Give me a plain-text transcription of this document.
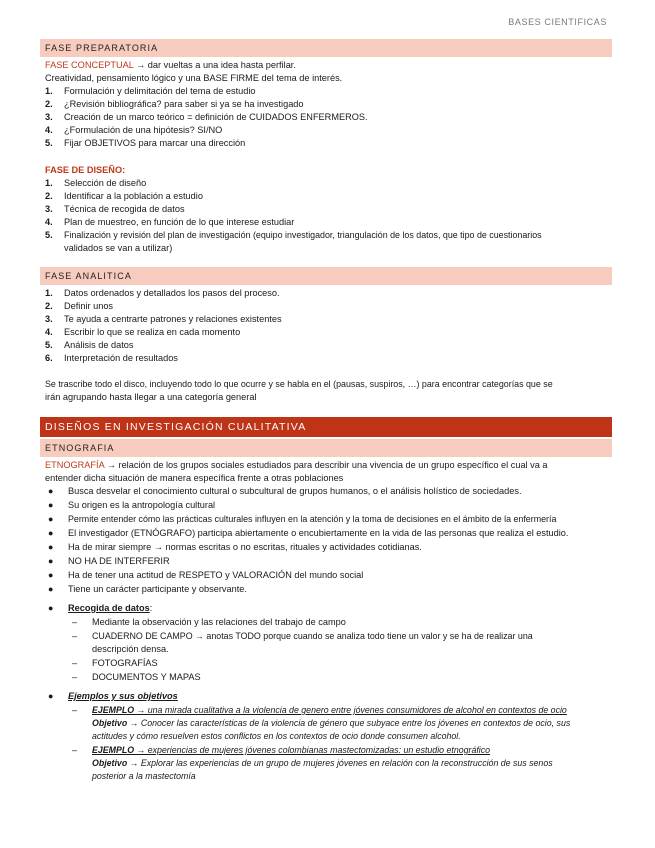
BASES CIENTIFICAS
FASE PREPARATORIA
FASE CONCEPTUAL → dar vueltas a una idea hasta perfilar.
Creatividad, pensamiento lógico y una BASE FIRME del tema de interés.
1. Formulación y delimitación del tema de estudio
2. ¿Revisión bibliográfica? para saber si ya se ha investigado
3. Creación de un marco teórico = definición de CUIDADOS ENFERMEROS.
4. ¿Formulación de una hipótesis? SI/NO
5. Fijar OBJETIVOS para marcar una dirección
FASE DE DISEÑO:
1. Selección de diseño
2. Identificar a la población a estudio
3. Técnica de recogida de datos
4. Plan de muestreo, en función de lo que interese estudiar
5. Finalización y revisión del plan de investigación (equipo investigador, triangulación de los datos, que tipo de cuestionarios
validados se van a utilizar)
FASE ANALITICA
1. Datos ordenados y detallados los pasos del proceso.
2. Definir unos
3. Te ayuda a centrarte patrones y relaciones existentes
4. Escribir lo que se realiza en cada momento
5. Análisis de datos
6. Interpretación de resultados
Se trascribe todo el disco, incluyendo todo lo que ocurre y se habla en el (pausas, suspiros, …) para encontrar categorías que se
irán agrupando hasta llegar a una categoría general
DISEÑOS EN INVESTIGACIÓN CUALITATIVA
ETNOGRAFIA
ETNOGRAFÍA → relación de los grupos sociales estudiados para describir una vivencia de un grupo específico el cual va a
entender dicha situación de manera específica frente a otras poblaciones
● Busca desvelar el conocimiento cultural o subcultural de grupos humanos, o el análisis holístico de sociedades.
● Su origen es la antropología cultural
● Permite entender cómo las prácticas culturales influyen en la atención y la toma de decisiones en el ámbito de la enfermería
● El investigador (ETNÓGRAFO) participa abiertamente o encubiertamente en la vida de las personas que realiza el estudio.
● Ha de mirar siempre → normas escritas o no escritas, rituales y actividades cotidianas.
● NO HA DE INTERFERIR
● Ha de tener una actitud de RESPETO y VALORACIÓN del mundo social
● Tiene un carácter participante y observante.
● Recogida de datos:
– Mediante la observación y las relaciones del trabajo de campo
– CUADERNO DE CAMPO → anotas TODO porque cuando se analiza todo tiene un valor y se ha de realizar una
descripción densa.
– FOTOGRAFÍAS
– DOCUMENTOS Y MAPAS
● Ejemplos y sus objetivos
– EJEMPLO → una mirada cualitativa a la violencia de genero entre jóvenes consumidores de alcohol en contextos de ocio
Objetivo → Conocer las características de la violencia de género que subyace entre los jóvenes en contextos de ocio, sus
actitudes y cómo resuelven estos conflictos en los contextos de ocio donde consumen alcohol.
– EJEMPLO → experiencias de mujeres jóvenes colombianas mastectomizadas: un estudio etnográfico
Objetivo → Explorar las experiencias de un grupo de mujeres jóvenes en relación con la reconstrucción de sus senos
posterior a la mastectomía
